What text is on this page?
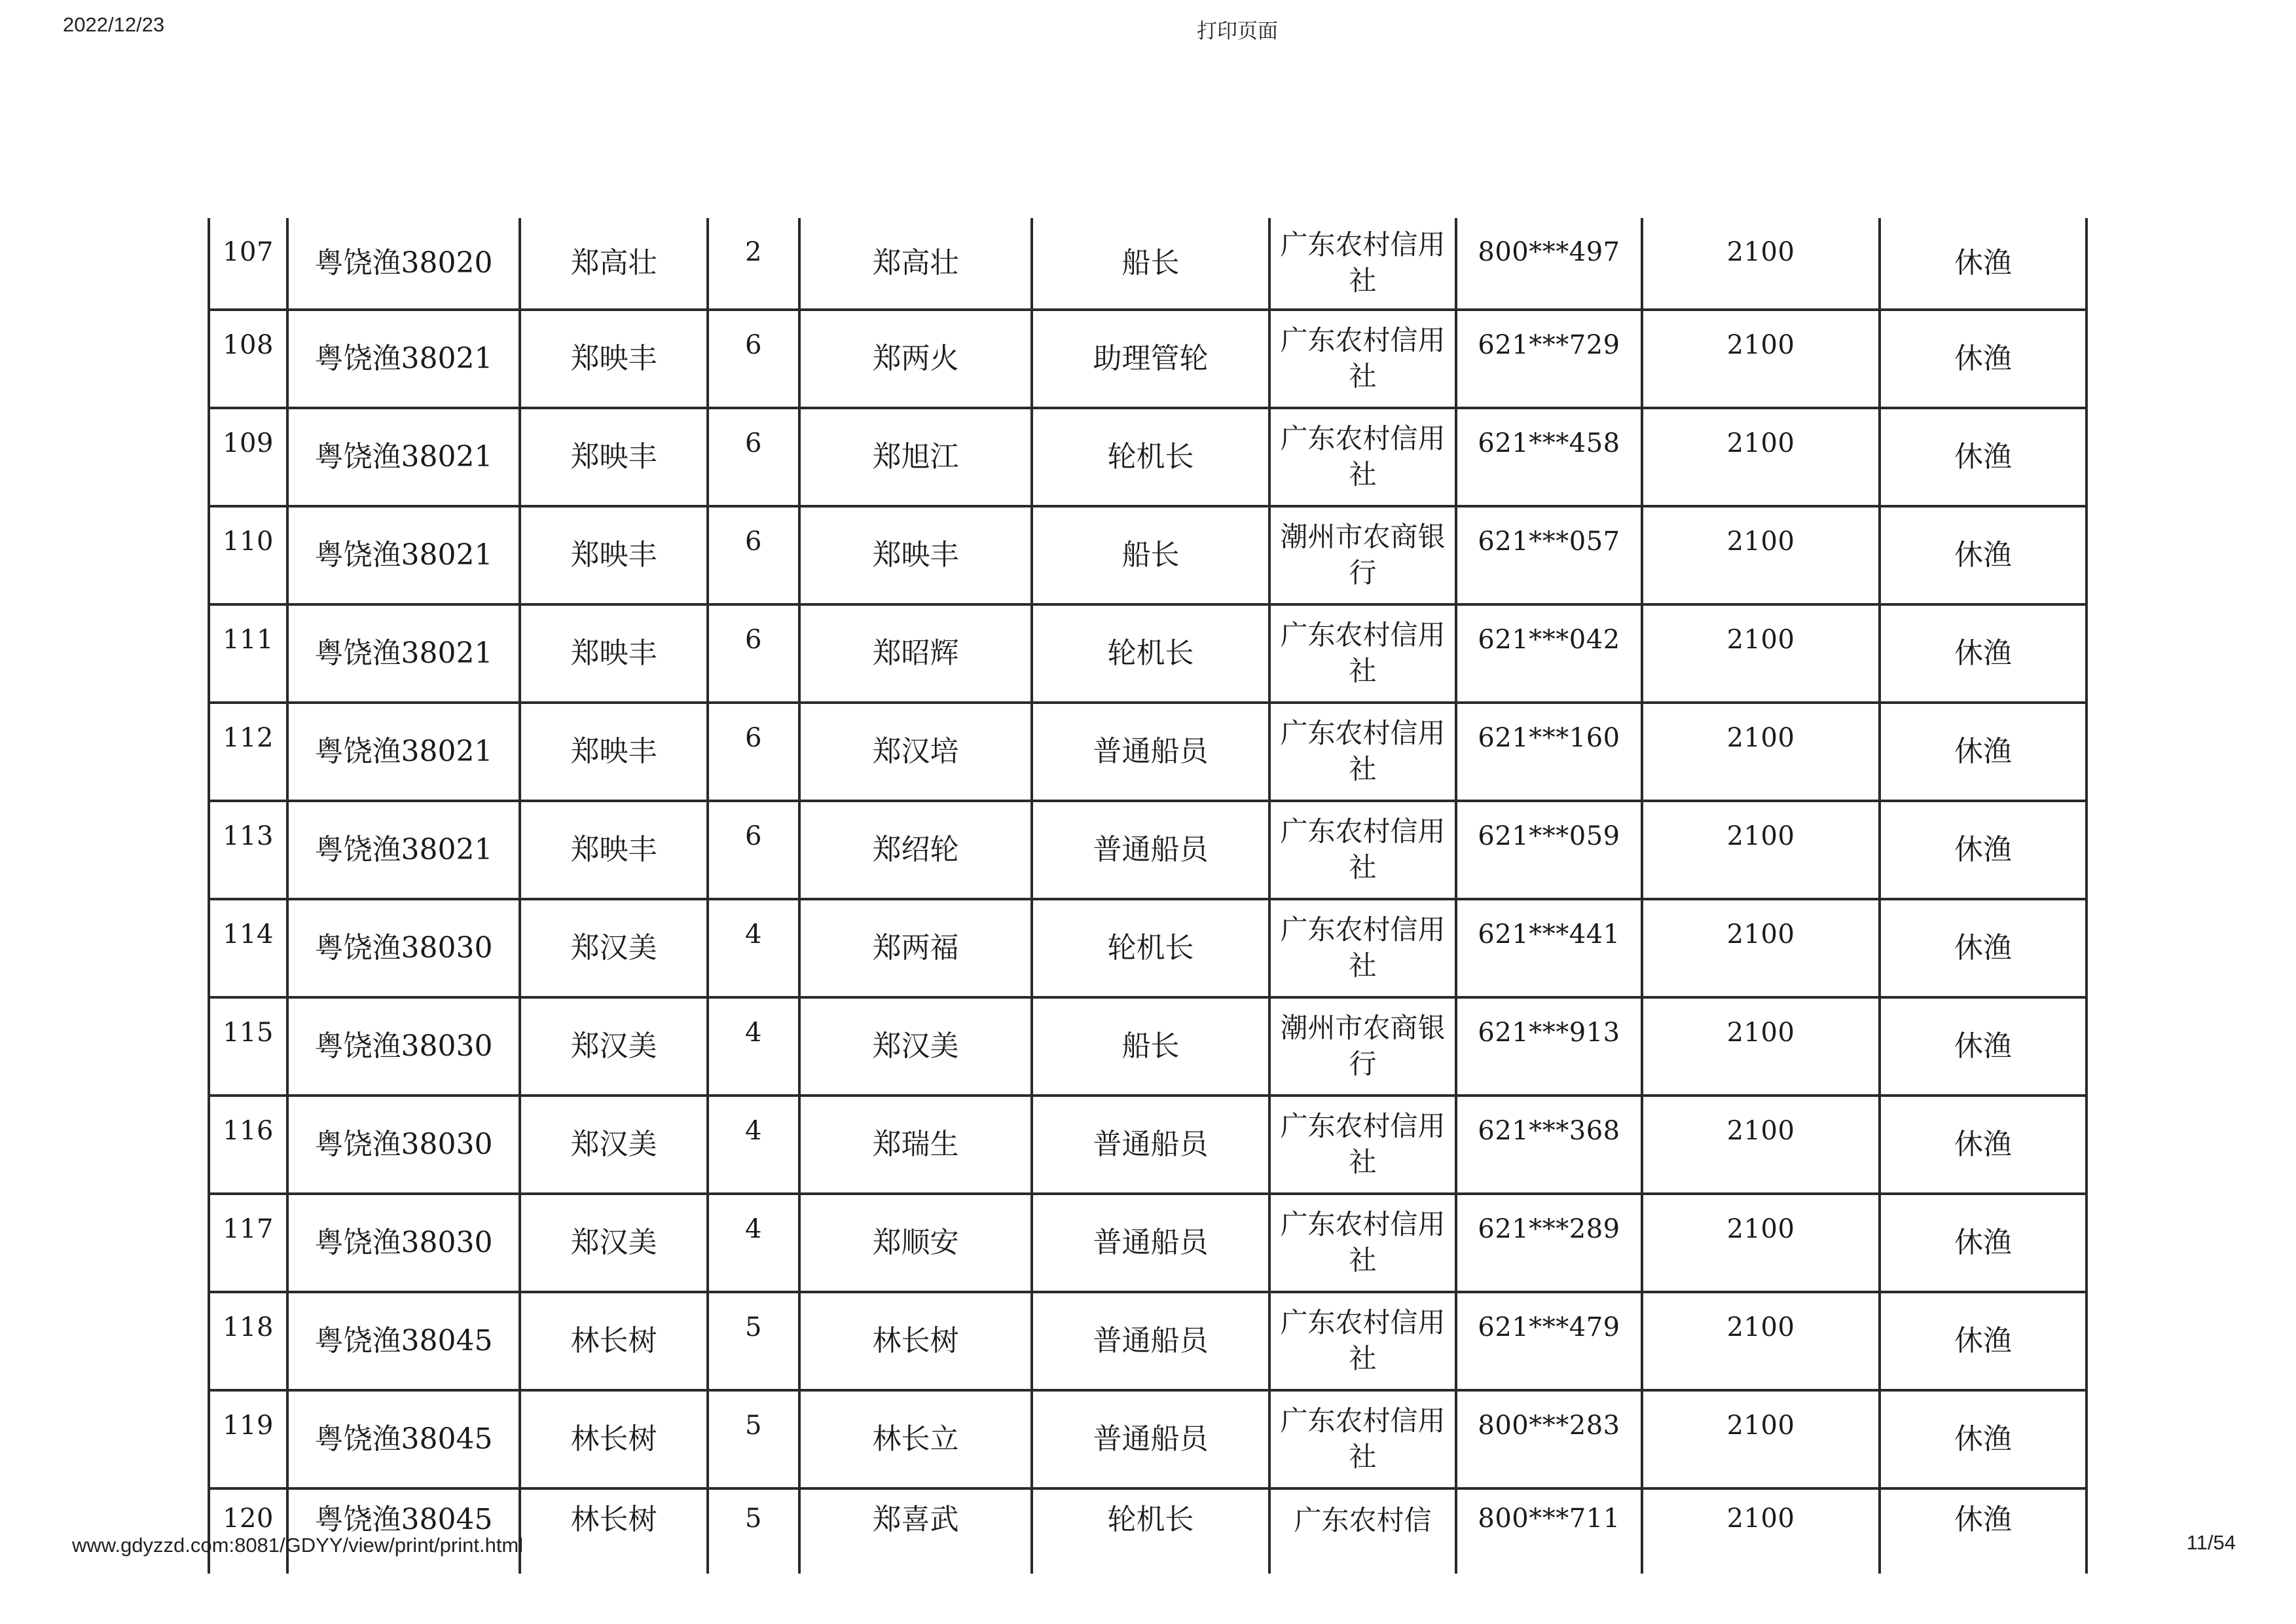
2022/12/23	打印页面
107	粤饶渔38020	郑高壮	2	郑高壮	船长	广东农村信用社	800***497	2100	休渔
108	粤饶渔38021	郑映丰	6	郑两火	助理管轮	广东农村信用社	621***729	2100	休渔
109	粤饶渔38021	郑映丰	6	郑旭江	轮机长	广东农村信用社	621***458	2100	休渔
110	粤饶渔38021	郑映丰	6	郑映丰	船长	潮州市农商银行	621***057	2100	休渔
111	粤饶渔38021	郑映丰	6	郑昭辉	轮机长	广东农村信用社	621***042	2100	休渔
112	粤饶渔38021	郑映丰	6	郑汉培	普通船员	广东农村信用社	621***160	2100	休渔
113	粤饶渔38021	郑映丰	6	郑绍轮	普通船员	广东农村信用社	621***059	2100	休渔
114	粤饶渔38030	郑汉美	4	郑两福	轮机长	广东农村信用社	621***441	2100	休渔
115	粤饶渔38030	郑汉美	4	郑汉美	船长	潮州市农商银行	621***913	2100	休渔
116	粤饶渔38030	郑汉美	4	郑瑞生	普通船员	广东农村信用社	621***368	2100	休渔
117	粤饶渔38030	郑汉美	4	郑顺安	普通船员	广东农村信用社	621***289	2100	休渔
118	粤饶渔38045	林长树	5	林长树	普通船员	广东农村信用社	621***479	2100	休渔
119	粤饶渔38045	林长树	5	林长立	普通船员	广东农村信用社	800***283	2100	休渔
120	粤饶渔38045	林长树	5	郑喜武	轮机长	广东农村信	800***711	2100	休渔
www.gdyzzd.com:8081/GDYY/view/print/print.html	11/54
